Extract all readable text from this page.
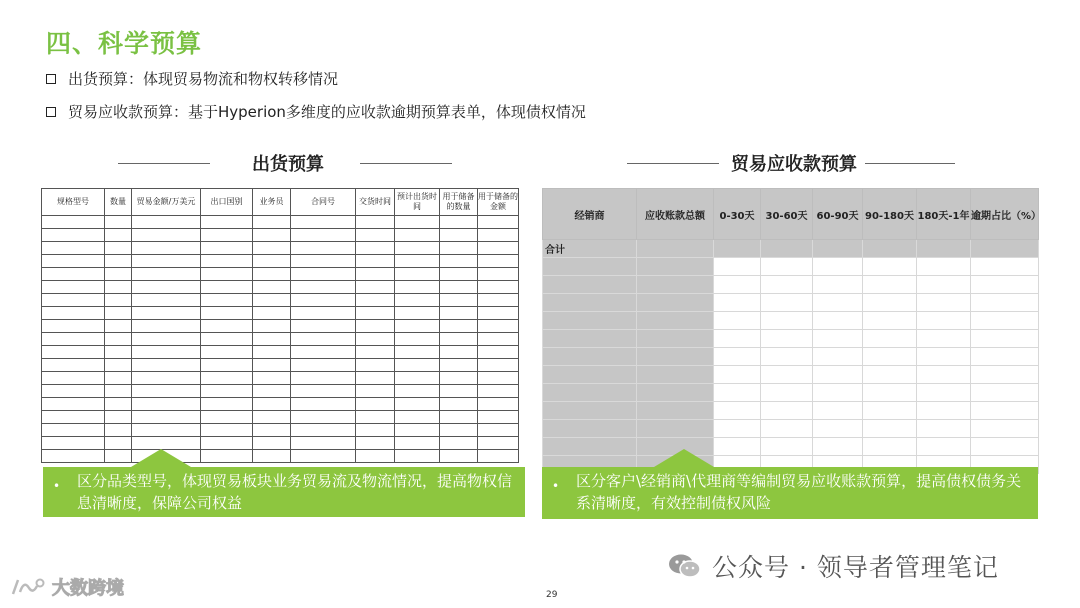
四、科学预算
出货预算：体现贸易物流和物权转移情况
贸易应收款预算：基于Hyperion多维度的应收款逾期预算表单，体现债权情况
出货预算	贸易应收款预算
规格型号	数量	贸易金额/万美元	出口国别	业务员	合同号	交货时间	预计出货时间	用于储备的数量	用于储备的金额

经销商	应收账款总额	0-30天	30-60天	60-90天	90-180天	180天-1年	逾期占比（%）
合计							

• 区分品类型号，体现贸易板块业务贸易流及物流情况，提高物权信息清晰度，保障公司权益
• 区分客户\经销商\代理商等编制贸易应收账款预算，提高债权债务关系清晰度，有效控制债权风险
29
公众号 · 领导者管理笔记
大数跨境
